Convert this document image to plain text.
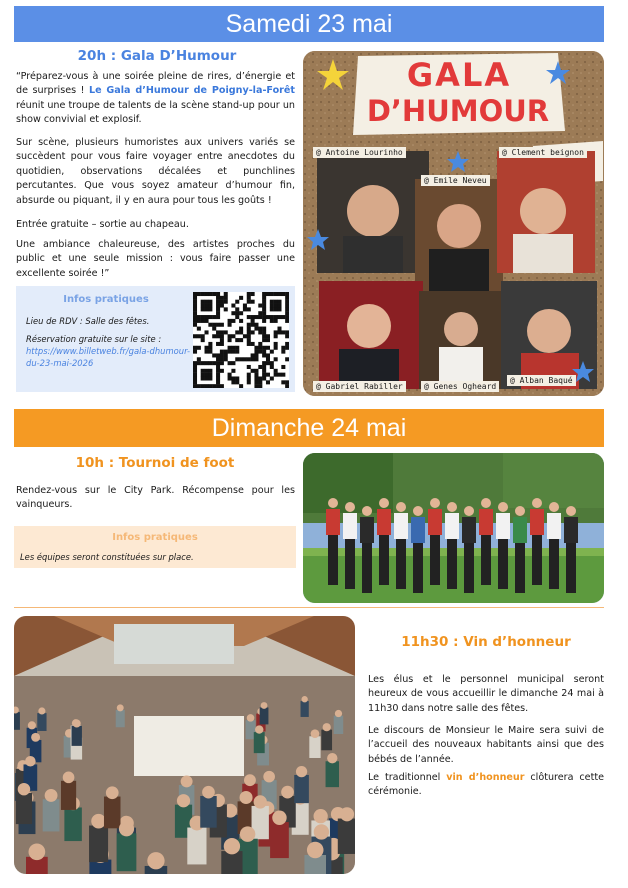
Samedi 23 mai
20h : Gala D’Humour

“Préparez-vous à une soirée pleine de rires, d’énergie et de surprises ! Le Gala d’Humour de Poigny-la-Forêt réunit une troupe de talents de la scène stand-up pour un show convivial et explosif.

Sur scène, plusieurs humoristes aux univers variés se succèdent pour vous faire voyager entre anecdotes du quotidien, observations décalées et punchlines percutantes. Que vous soyez amateur d’humour fin, absurde ou piquant, il y en aura pour tous les goûts !

Entrée gratuite – sortie au chapeau.

Une ambiance chaleureuse, des artistes proches du public et une seule mission : vous faire passer une excellente soirée !”

Infos pratiques
Lieu de RDV : Salle des fêtes.
Réservation gratuite sur le site :
https://www.billetweb.fr/gala-dhumour-du-23-mai-2026
GALA
D’HUMOUR
@ Antoine Lourinho
@ Emile Neveu
@ Clement beignon
@ Gabriel Rabiller	@ Genes Ogheard
@ Alban Baqué
Dimanche 24 mai
10h : Tournoi de foot

Rendez-vous sur le City Park. Récompense pour les vainqueurs.

Infos pratiques
Les équipes seront constituées sur place.
11h30 : Vin d’honneur

Les élus et le personnel municipal seront heureux de vous accueillir le dimanche 24 mai à 11h30 dans notre salle des fêtes.

Le discours de Monsieur le Maire sera suivi de l’accueil des nouveaux habitants ainsi que des bébés de l’année.

Le traditionnel vin d’honneur clôturera cette cérémonie.
